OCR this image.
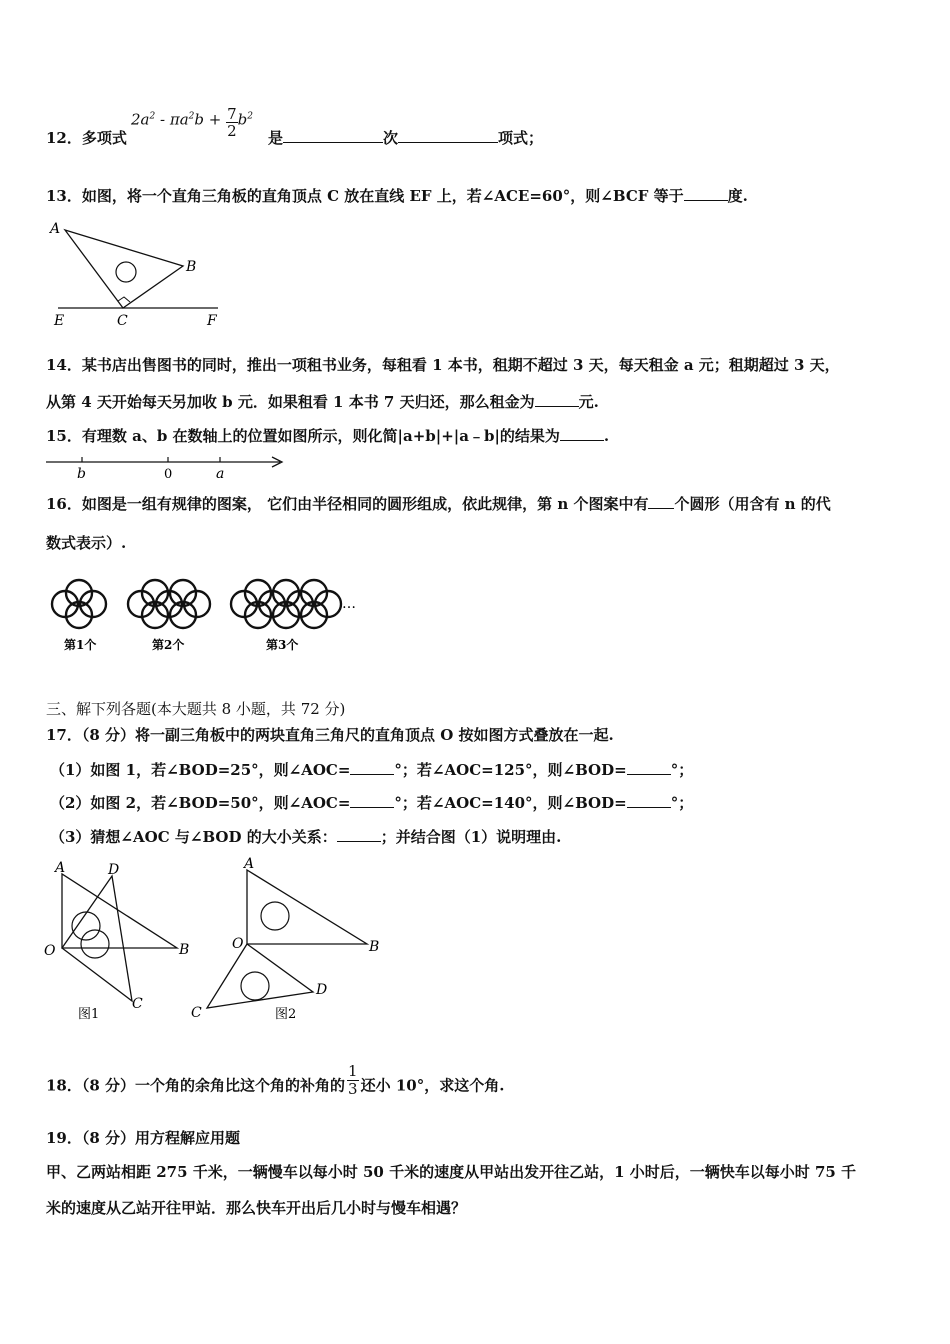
12．多项式
$2a^2 - \pi a^2b + \frac{7}{2} b^2$
是	次	项式；
13．如图，将一个直角三角板的直角顶点 C 放在直线 EF 上，若∠ACE=60°，则∠BCF 等于	度.
A
B
C
E	F
14．某书店出售图书的同时，推出一项租书业务，每租看 1 本书，租期不超过 3 天，每天租金 a 元；租期超过 3 天，
从第 4 天开始每天另加收 b 元．如果租看 1 本书 7 天归还，那么租金为	元.
15．有理数 a、b 在数轴上的位置如图所示，则化简|a+b|+|a﹣b|的结果为	.
b	0	a
16．如图是一组有规律的图案， 它们由半径相同的圆形组成，依此规律，第 n 个图案中有 个圆形（用含有 n 的代
数式表示）.
…
第1个	第2个	第3个
三、解下列各题(本大题共 8 小题，共 72 分)
17．（8 分）将一副三角板中的两块直角三角尺的直角顶点 O 按如图方式叠放在一起.
（1）如图 1，若∠BOD=25°，则∠AOC=	°；若∠AOC=125°，则∠BOD=	°；
（2）如图 2，若∠BOD=50°，则∠AOC=	°；若∠AOC=140°，则∠BOD=	°；
（3）猜想∠AOC 与∠BOD 的大小关系：	；并结合图（1）说明理由.
A	D
O	B
C
图1
A
O	B
C
D
图2
18．（8 分）一个角的余角比这个角的补角的 $\frac{1}{3}$ 还小 10°，求这个角.
19．（8 分）用方程解应用题
甲、乙两站相距 275 千米，一辆慢车以每小时 50 千米的速度从甲站出发开往乙站，1 小时后，一辆快车以每小时 75 千
米的速度从乙站开往甲站．那么快车开出后几小时与慢车相遇？
